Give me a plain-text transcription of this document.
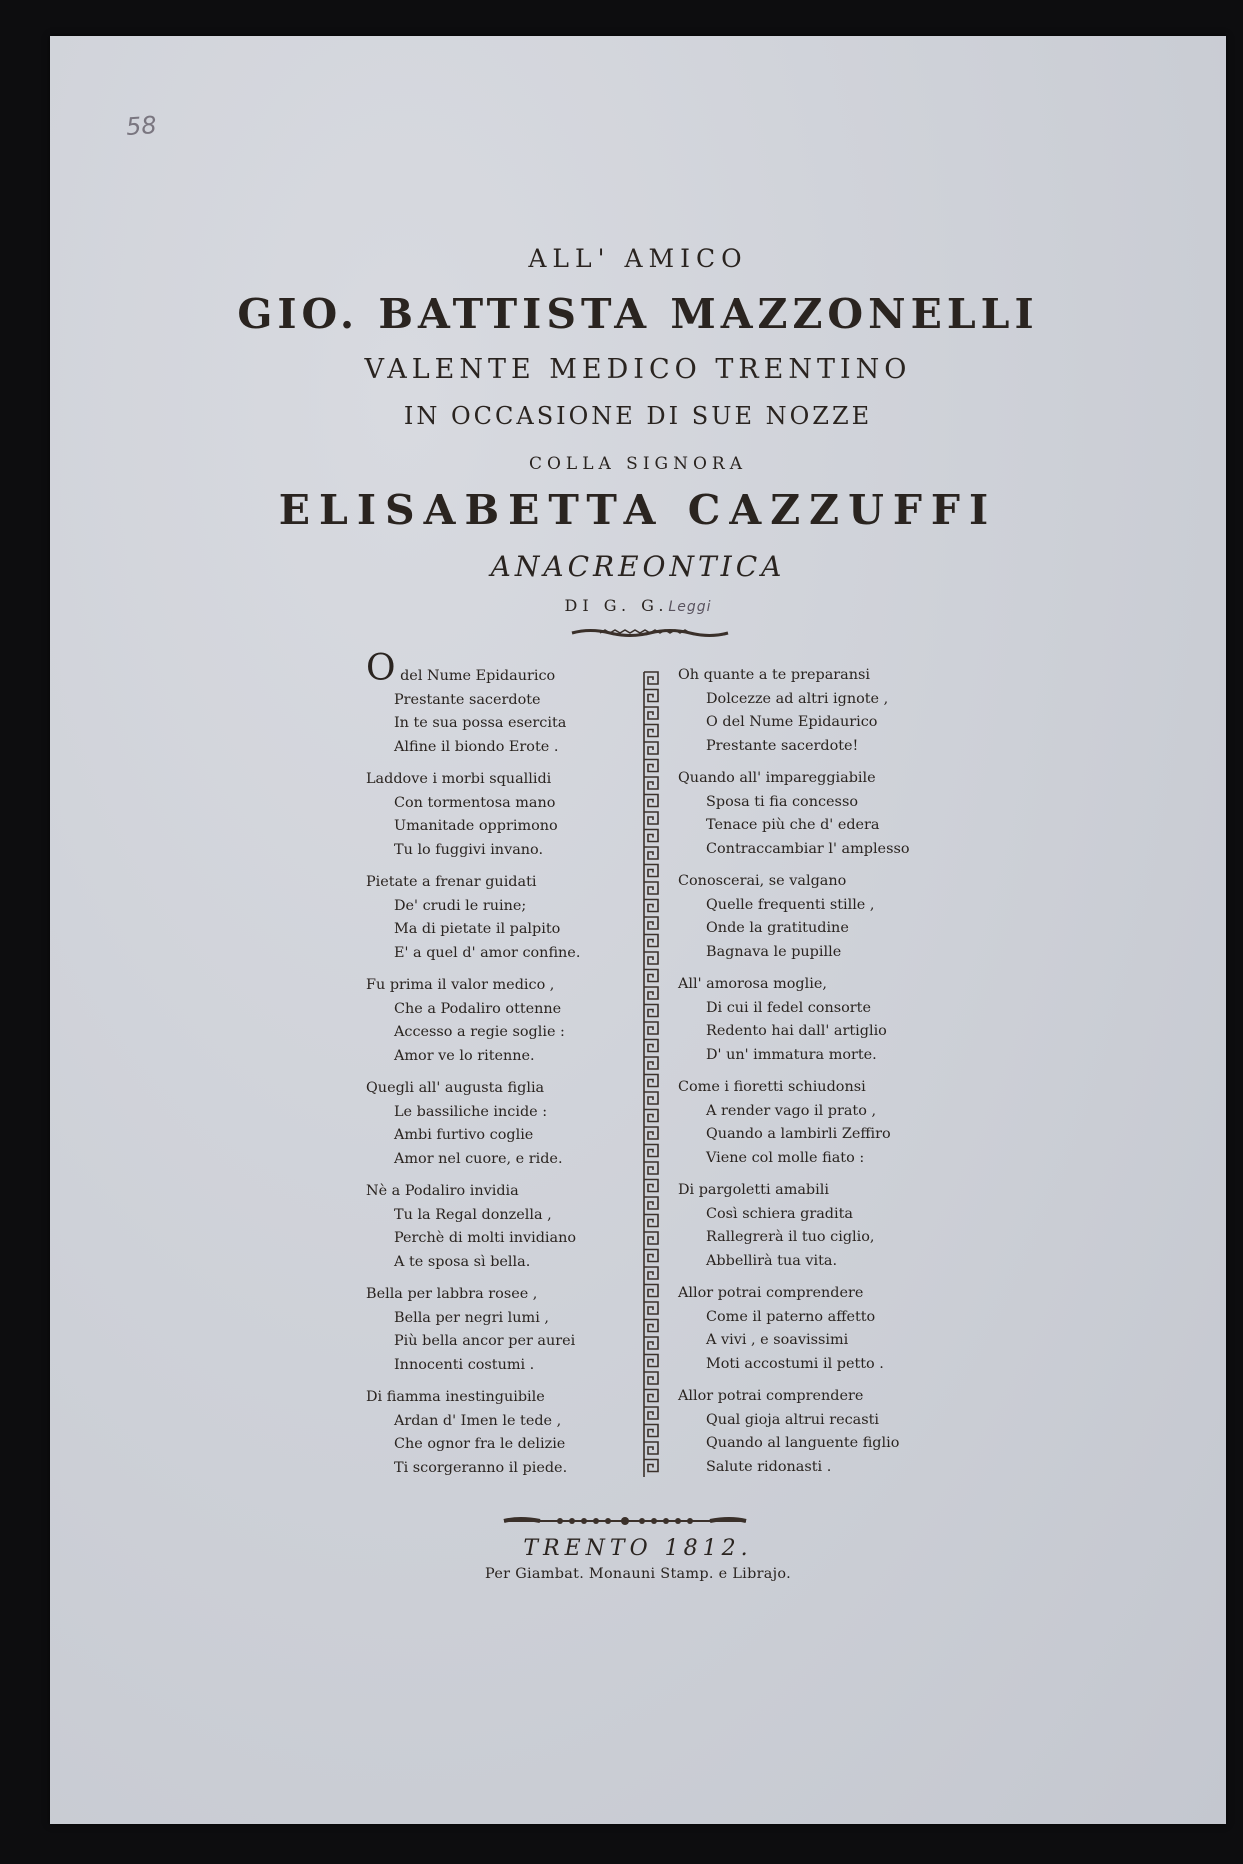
58
ALL' AMICO
GIO. BATTISTA MAZZONELLI
VALENTE MEDICO TRENTINO
IN OCCASIONE DI SUE NOZZE
COLLA SIGNORA
ELISABETTA CAZZUFFI
ANACREONTICA
DI G. G.Leggi
O del Nume Epidaurico
Prestante sacerdote
In te sua possa esercita
Alfine il biondo Erote .
Laddove i morbi squallidi
Con tormentosa mano
Umanitade opprimono
Tu lo fuggivi invano.
Pietate a frenar guidati
De' crudi le ruine;
Ma di pietate il palpito
E' a quel d' amor confine.
Fu prima il valor medico ,
Che a Podaliro ottenne
Accesso a regie soglie :
Amor ve lo ritenne.
Quegli all' augusta figlia
Le bassiliche incide :
Ambi furtivo coglie
Amor nel cuore, e ride.
Nè a Podaliro invidia
Tu la Regal donzella ,
Perchè di molti invidiano
A te sposa sì bella.
Bella per labbra rosee ,
Bella per negri lumi ,
Più bella ancor per aurei
Innocenti costumi .
Di fiamma inestinguibile
Ardan d' Imen le tede ,
Che ognor fra le delizie
Ti scorgeranno il piede.
Oh quante a te preparansi
Dolcezze ad altri ignote ,
O del Nume Epidaurico
Prestante sacerdote!
Quando all' impareggiabile
Sposa ti fia concesso
Tenace più che d' edera
Contraccambiar l' amplesso
Conoscerai, se valgano
Quelle frequenti stille ,
Onde la gratitudine
Bagnava le pupille
All' amorosa moglie,
Di cui il fedel consorte
Redento hai dall' artiglio
D' un' immatura morte.
Come i fioretti schiudonsi
A render vago il prato ,
Quando a lambirli Zeffiro
Viene col molle fiato :
Di pargoletti amabili
Così schiera gradita
Rallegrerà il tuo ciglio,
Abbellirà tua vita.
Allor potrai comprendere
Come il paterno affetto
A vivi , e soavissimi
Moti accostumi il petto .
Allor potrai comprendere
Qual gioja altrui recasti
Quando al languente figlio
Salute ridonasti .
TRENTO 1812.
Per Giambat. Monauni Stamp. e Librajo.
